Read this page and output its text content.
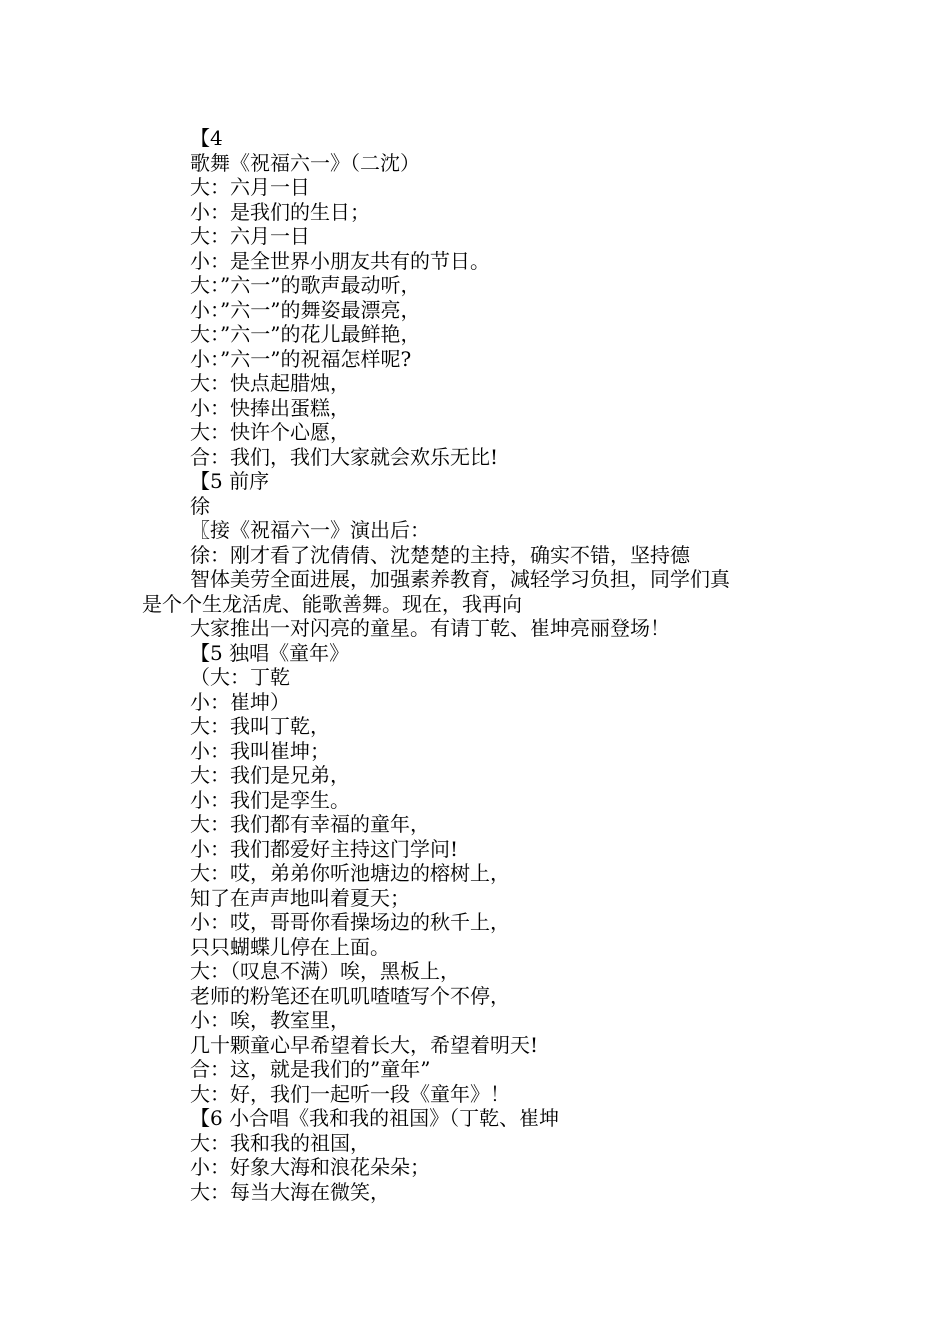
【4
歌舞《祝福六一》（二沈）
大：六月一日
小：是我们的生日；
大：六月一日
小：是全世界小朋友共有的节日。
大：”六一”的歌声最动听，
小：”六一”的舞姿最漂亮，
大：”六一”的花儿最鲜艳，
小：”六一”的祝福怎样呢?
大：快点起腊烛，
小：快捧出蛋糕，
大：快许个心愿，
合：我们，我们大家就会欢乐无比!
【5 前序
徐
〖接《祝福六一》演出后：
徐：刚才看了沈倩倩、沈楚楚的主持，确实不错，坚持德
智体美劳全面进展，加强素养教育，减轻学习负担，同学们真
是个个生龙活虎、能歌善舞。现在，我再向
大家推出一对闪亮的童星。有请丁乾、崔坤亮丽登场！
【5 独唱《童年》
（大：丁乾
小：崔坤）
大：我叫丁乾，
小：我叫崔坤；
大：我们是兄弟，
小：我们是孪生。
大：我们都有幸福的童年，
小：我们都爱好主持这门学问!
大：哎，弟弟你听池塘边的榕树上，
知了在声声地叫着夏天；
小：哎，哥哥你看操场边的秋千上，
只只蝴蝶儿停在上面。
大：（叹息不满）唉，黑板上，
老师的粉笔还在叽叽喳喳写个不停，
小：唉，教室里，
几十颗童心早希望着长大，希望着明天!
合：这，就是我们的”童年”
大：好，我们一起听一段《童年》！
【6 小合唱《我和我的祖国》（丁乾、崔坤
大：我和我的祖国，
小：好象大海和浪花朵朵；
大：每当大海在微笑，
